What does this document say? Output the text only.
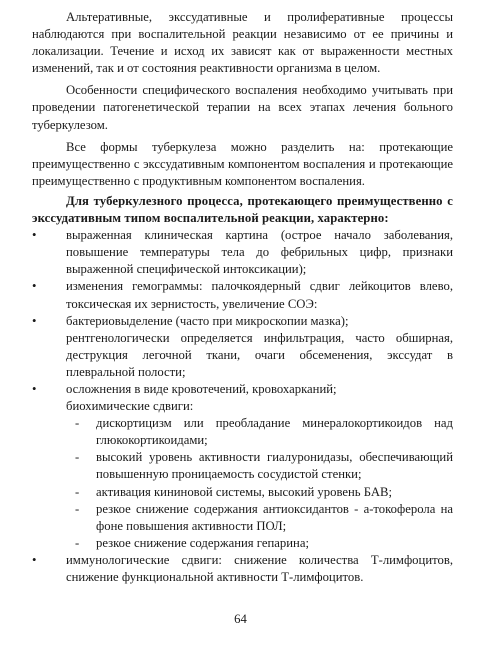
Альтеративные, экссудативные и пролиферативные процессы наблюдаются при воспалительной реакции независимо от ее причины и локализации. Течение и исход их зависят как от выраженности местных изменений, так и от состояния реактивности организма в целом.

Особенности специфического воспаления необходимо учитывать при проведении патогенетической терапии на всех этапах лечения больного туберкулезом.

Все формы туберкулеза можно разделить на: протекающие преимущественно с экссудативным компонентом воспаления и протекающие преимущественно с продуктивным компонентом воспаления.

Для туберкулезного процесса, протекающего преимущественно с экссудативным типом воспалительной реакции, характерно:

• выраженная клиническая картина (острое начало заболевания, повышение температуры тела до фебрильных цифр, признаки выраженной специфической интоксикации);
• изменения гемограммы: палочкоядерный сдвиг лейкоцитов влево, токсическая их зернистость, увеличение СОЭ:
• бактериовыделение (часто при микроскопии мазка);
рентгенологически определяется инфильтрация, часто обширная, деструкция легочной ткани, очаги обсеменения, экссудат в плевральной полости;
• осложнения в виде кровотечений, кровохарканий;
биохимические сдвиги:
- дискортицизм или преобладание минералокортикоидов над глюкокортикоидами;
- высокий уровень активности гиалуронидазы, обеспечивающий повышенную проницаемость сосудистой стенки;
- активация кининовой системы, высокий уровень БАВ;
- резкое снижение содержания антиоксидантов - а-токоферола на фоне повышения активности ПОЛ;
- резкое снижение содержания гепарина;
• иммунологические сдвиги: снижение количества Т-лимфоцитов, снижение функциональной активности Т-лимфоцитов.
64
